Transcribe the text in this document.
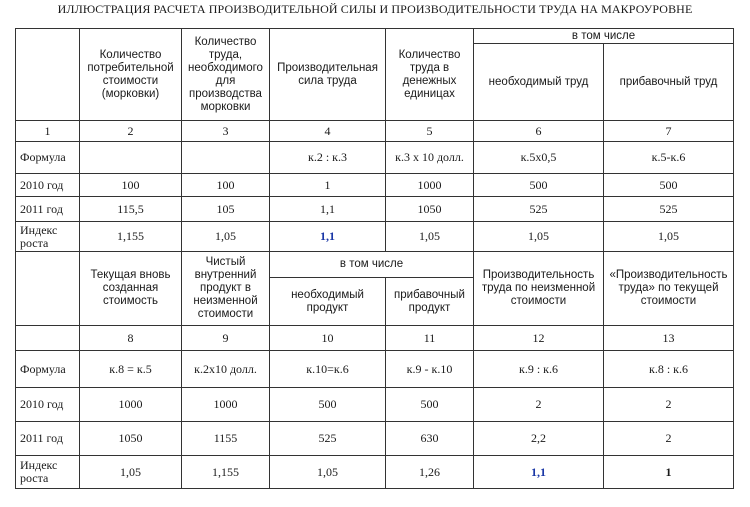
ИЛЛЮСТРАЦИЯ РАСЧЕТА ПРОИЗВОДИТЕЛЬНОЙ СИЛЫ И ПРОИЗВОДИТЕЛЬНОСТИ ТРУДА НА МАКРОУРОВНЕ
	Количество потребительной стоимости (морковки)	Количество труда, необходимого для производства морковки	Производительная сила труда	Количество труда в денежных единицах	в том числе	
					необходимый труд	прибавочный труд
1	2	3	4	5	6	7
Формула			к.2 : к.3	к.3 х 10 долл.	к.5х0,5	к.5-к.6
2010 год	100	100	1	1000	500	500
2011 год	115,5	105	1,1	1050	525	525
Индекс роста	1,155	1,05	1,1	1,05	1,05	1,05
	Текущая вновь созданная стоимость	Чистый внутренний продукт в неизменной стоимости	в том числе		Производительность труда по неизменной стоимости	«Производительность труда» по текущей стоимости
			необходимый продукт	прибавочный продукт		
	8	9	10	11	12	13
Формула	к.8 = к.5	к.2х10 долл.	к.10=к.6	к.9 - к.10	к.9 : к.6	к.8 : к.6
2010 год	1000	1000	500	500	2	2
2011 год	1050	1155	525	630	2,2	2
Индекс роста	1,05	1,155	1,05	1,26	1,1	1
